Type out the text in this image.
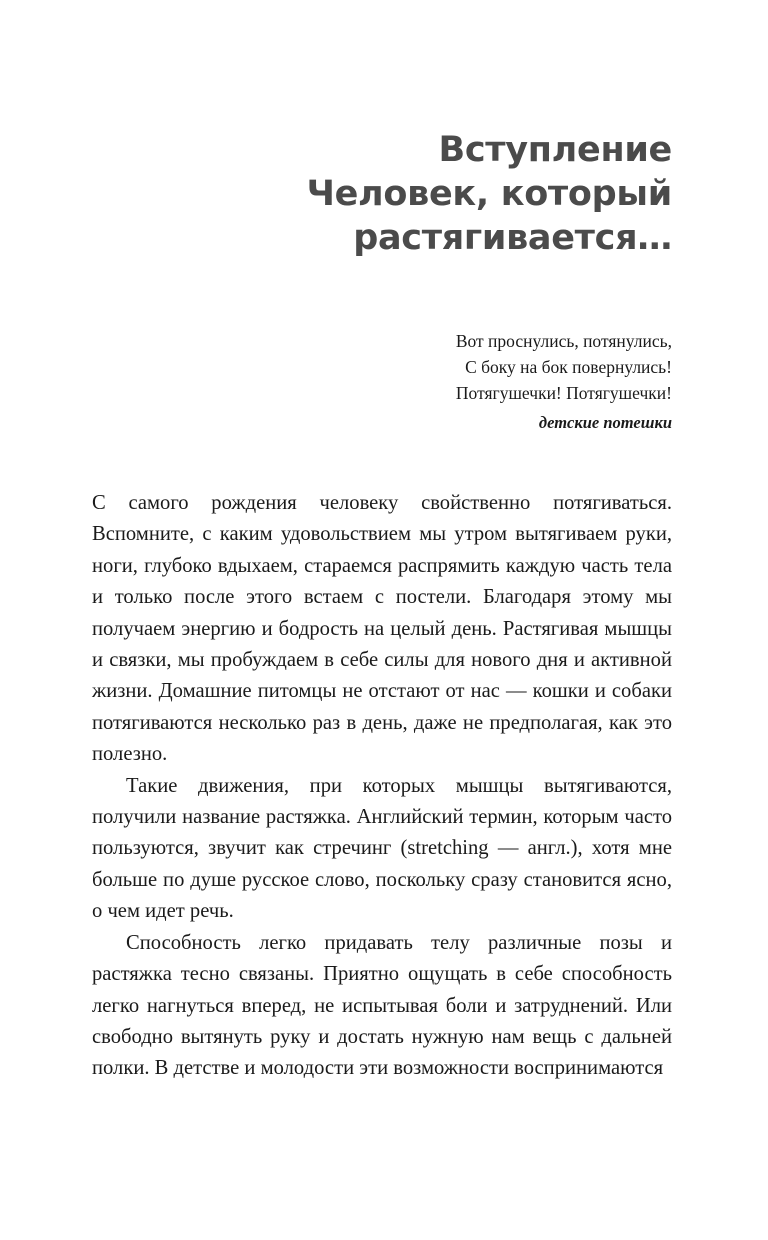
Вступление
Человек, который
растягивается…
Вот проснулись, потянулись,
С боку на бок повернулись!
Потягушечки! Потягушечки!
детские потешки

С самого рождения человеку свойственно потягиваться. Вспомните, с каким удовольствием мы утром вытягиваем руки, ноги, глубоко вдыхаем, стараемся распрямить каждую часть тела и только после этого встаем с постели. Благодаря этому мы получаем энергию и бодрость на целый день. Растягивая мышцы и связки, мы пробуждаем в себе силы для нового дня и активной жизни. Домашние питомцы не отстают от нас — кошки и собаки потягиваются несколько раз в день, даже не предполагая, как это полезно.

Такие движения, при которых мышцы вытягиваются, получили название растяжка. Английский термин, которым часто пользуются, звучит как стречинг (stretching — англ.), хотя мне больше по душе русское слово, поскольку сразу становится ясно, о чем идет речь.

Способность легко придавать телу различные позы и растяжка тесно связаны. Приятно ощущать в себе способность легко нагнуться вперед, не испытывая боли и затруднений. Или свободно вытянуть руку и достать нужную нам вещь с дальней полки. В детстве и молодости эти возможности воспринимаются
